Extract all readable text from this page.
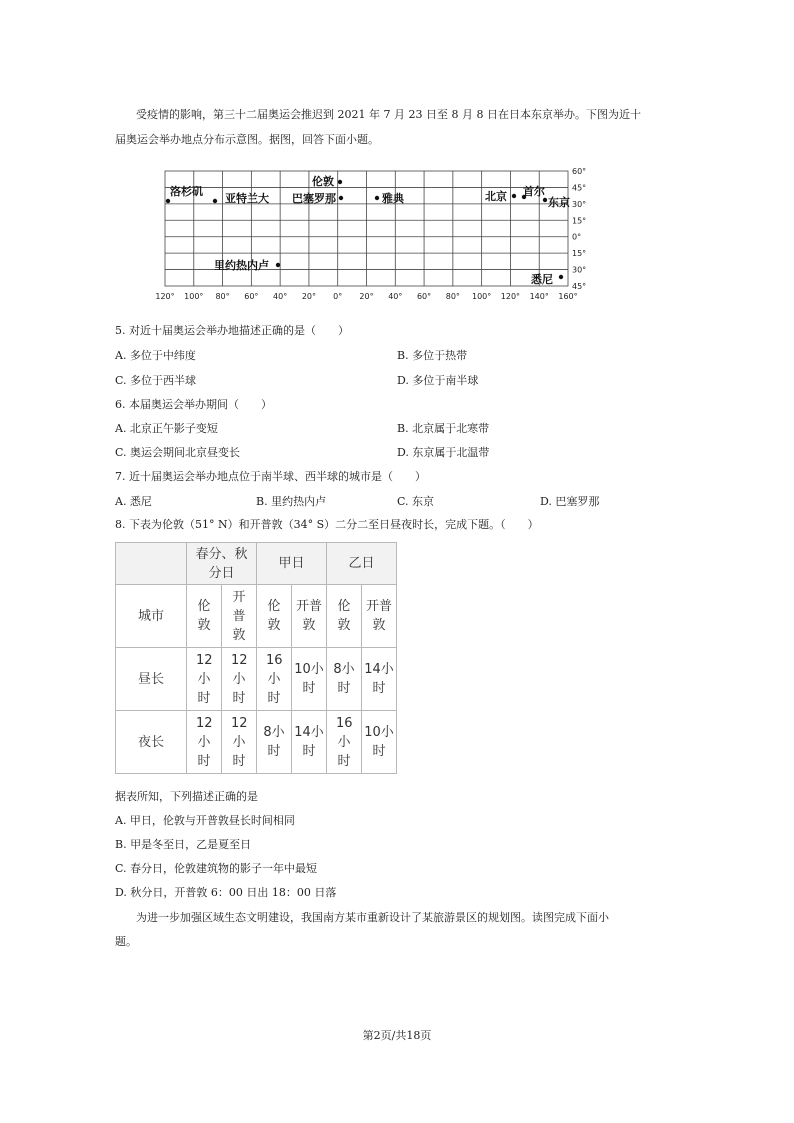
受疫情的影响，第三十二届奥运会推迟到 2021 年 7 月 23 日至 8 月 8 日在日本东京举办。下图为近十
届奥运会举办地点分布示意图。据图，回答下面小题。
洛杉矶
亚特兰大
伦敦
巴塞罗那	雅典	北京 首尔
东京
里约热内卢
悉尼
60°
45°
30°
15°
0°
15°
30°
45°
120° 100° 80° 60° 40° 20° 0° 20° 40° 60° 80° 100° 120° 140° 160°
5. 对近十届奥运会举办地描述正确的是（　　）
A. 多位于中纬度	B. 多位于热带
C. 多位于西半球	D. 多位于南半球
6. 本届奥运会举办期间（　　）
A. 北京正午影子变短	B. 北京属于北寒带
C. 奥运会期间北京昼变长	D. 东京属于北温带
7. 近十届奥运会举办地点位于南半球、西半球的城市是（　　）
A. 悉尼	B. 里约热内卢	C. 东京	D. 巴塞罗那
8. 下表为伦敦（51° N）和开普敦（34° S）二分二至日昼夜时长，完成下题。（　　）

	春分、秋分日		甲日		乙日	
城市	伦敦	开普敦	伦敦	开普敦	伦敦	开普敦

昼长	12小时	12小时	16小时	10小时	8小时	14小时

夜长	12小时	12小时	8小时	14小时	16小时	10小时
据表所知，下列描述正确的是
A. 甲日，伦敦与开普敦昼长时间相同
B. 甲是冬至日，乙是夏至日
C. 春分日，伦敦建筑物的影子一年中最短
D. 秋分日，开普敦 6：00 日出 18：00 日落
为进一步加强区域生态文明建设，我国南方某市重新设计了某旅游景区的规划图。读图完成下面小
题。
第2页/共18页
